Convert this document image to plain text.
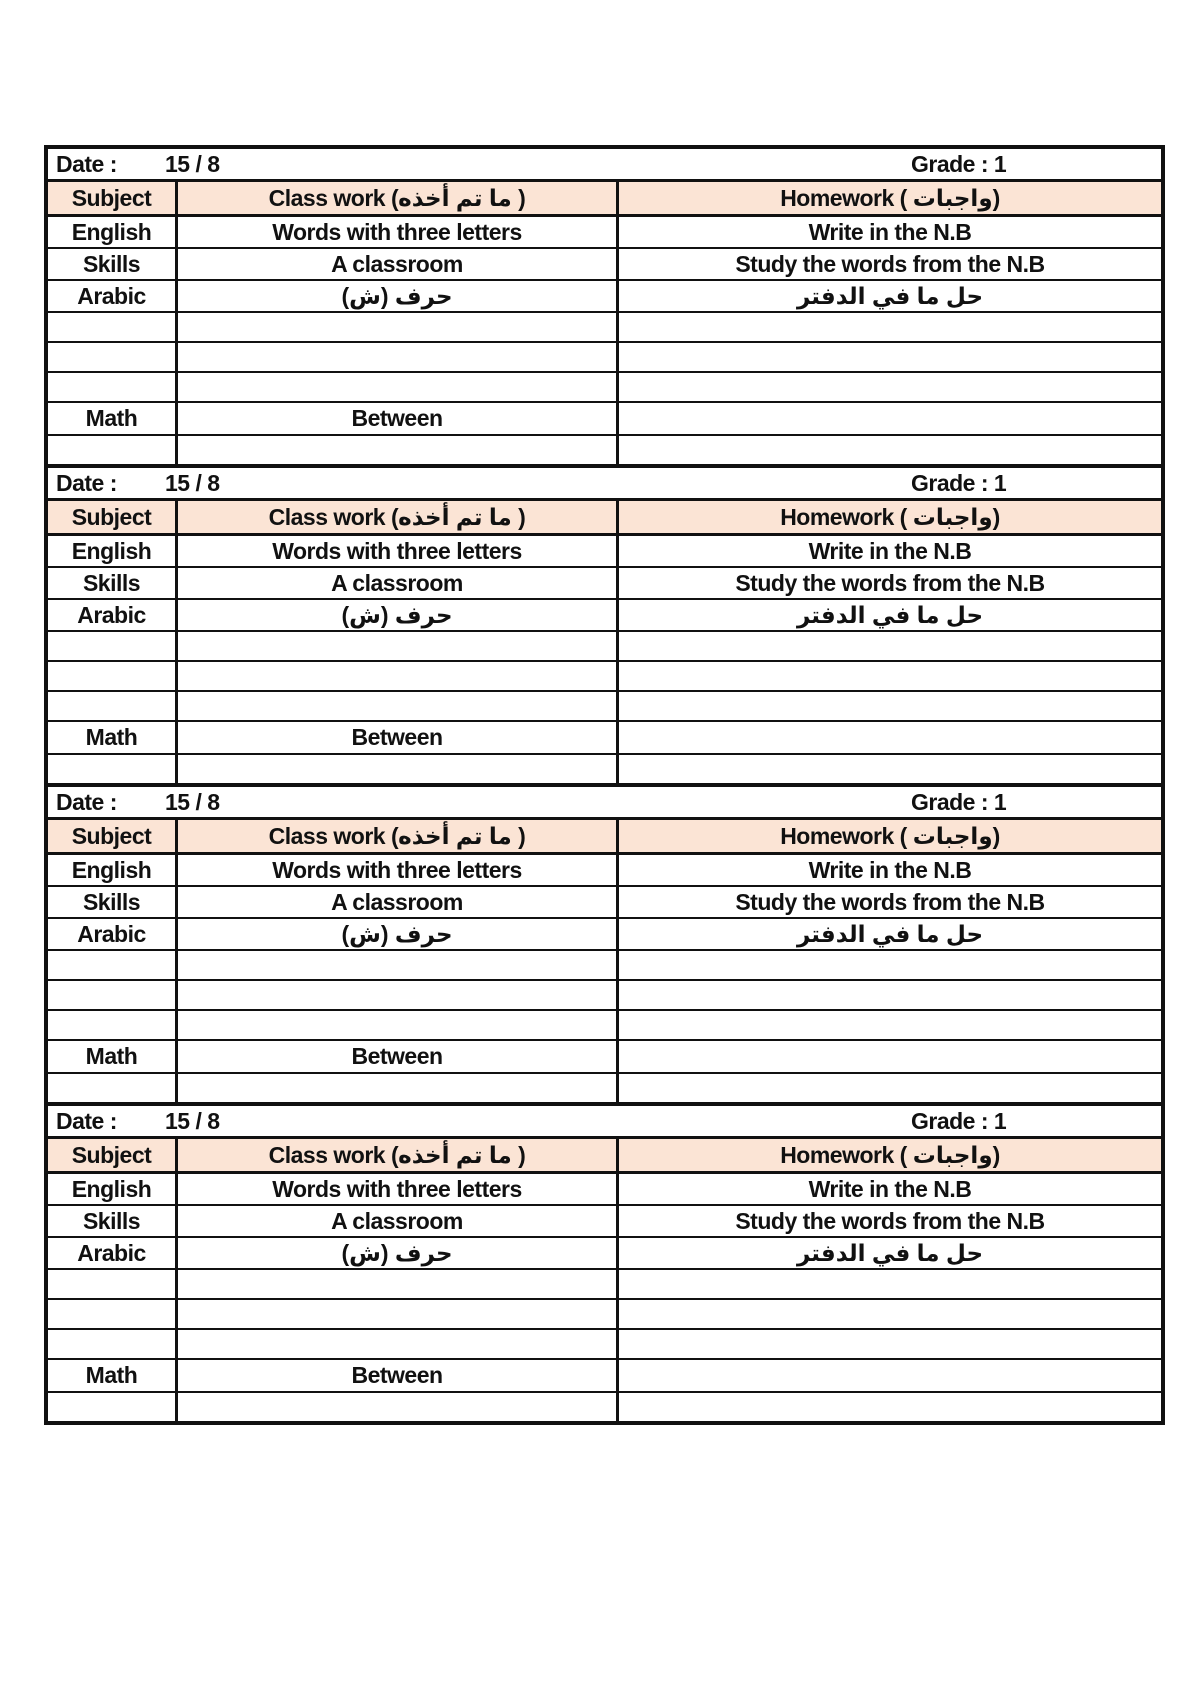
Date :	15 / 8	Grade : 1
Subject	Class work (ما تم أخذه )	Homework ( واجبات)
English	Words with three letters	Write in the N.B
Skills	A classroom	Study the words from the N.B
Arabic	حرف (ش)	حل ما في الدفتر
Math	Between
Date :	15 / 8	Grade : 1
Subject	Class work (ما تم أخذه )	Homework ( واجبات)
English	Words with three letters	Write in the N.B
Skills	A classroom	Study the words from the N.B
Arabic	حرف (ش)	حل ما في الدفتر
Math	Between
Date :	15 / 8	Grade : 1
Subject	Class work (ما تم أخذه )	Homework ( واجبات)
English	Words with three letters	Write in the N.B
Skills	A classroom	Study the words from the N.B
Arabic	حرف (ش)	حل ما في الدفتر
Math	Between
Date :	15 / 8	Grade : 1
Subject	Class work (ما تم أخذه )	Homework ( واجبات)
English	Words with three letters	Write in the N.B
Skills	A classroom	Study the words from the N.B
Arabic	حرف (ش)	حل ما في الدفتر
Math	Between
